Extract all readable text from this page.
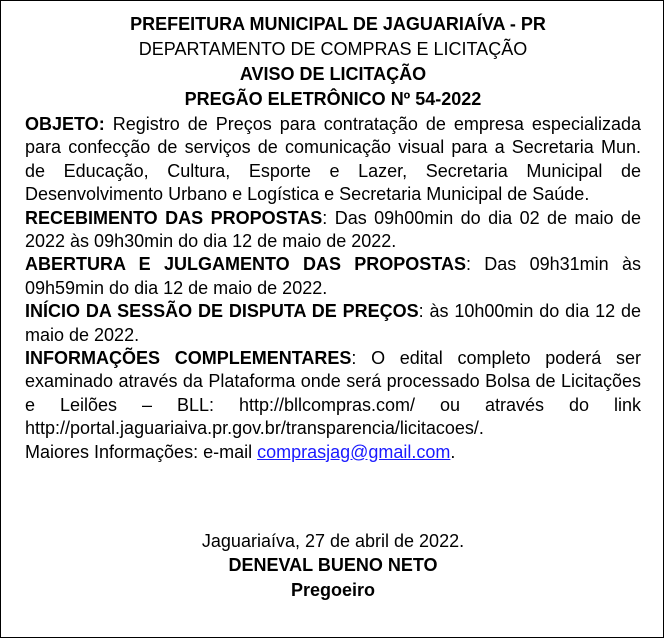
PREFEITURA MUNICIPAL DE JAGUARIAÍVA - PR
DEPARTAMENTO DE COMPRAS E LICITAÇÃO
AVISO DE LICITAÇÃO
PREGÃO ELETRÔNICO Nº 54-2022

OBJETO: Registro de Preços para contratação de empresa especializada para confecção de serviços de comunicação visual para a Secretaria Mun. de Educação, Cultura, Esporte e Lazer, Secretaria Municipal de Desenvolvimento Urbano e Logística e Secretaria Municipal de Saúde.

RECEBIMENTO DAS PROPOSTAS: Das 09h00min do dia 02 de maio de 2022 às 09h30min do dia 12 de maio de 2022.

ABERTURA E JULGAMENTO DAS PROPOSTAS: Das 09h31min às 09h59min do dia 12 de maio de 2022.

INÍCIO DA SESSÃO DE DISPUTA DE PREÇOS: às 10h00min do dia 12 de maio de 2022.

INFORMAÇÕES COMPLEMENTARES: O edital completo poderá ser examinado através da Plataforma onde será processado Bolsa de Licitações e Leilões – BLL: http://bllcompras.com/ ou através do link http://portal.jaguariaiva.pr.gov.br/transparencia/licitacoes/.

Maiores Informações: e-mail comprasjag@gmail.com.

Jaguariaíva, 27 de abril de 2022.
DENEVAL BUENO NETO
Pregoeiro
